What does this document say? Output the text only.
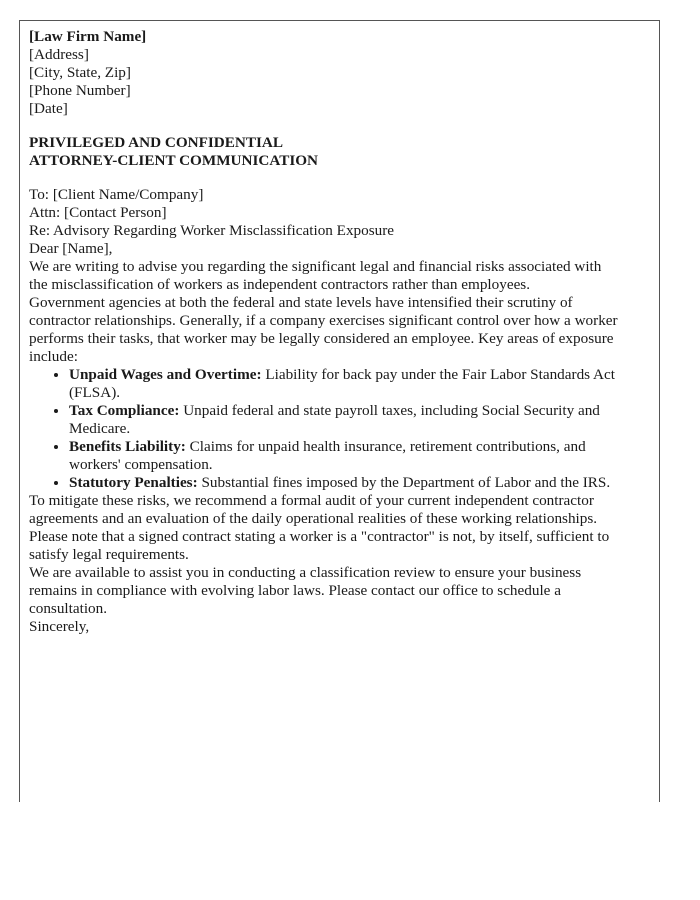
[Law Firm Name]
[Address]
[City, State, Zip]
[Phone Number]
[Date]
PRIVILEGED AND CONFIDENTIAL
ATTORNEY-CLIENT COMMUNICATION
To: [Client Name/Company]
Attn: [Contact Person]
Re: Advisory Regarding Worker Misclassification Exposure

Dear [Name],

We are writing to advise you regarding the significant legal and financial risks associated with the misclassification of workers as independent contractors rather than employees.

Government agencies at both the federal and state levels have intensified their scrutiny of contractor relationships. Generally, if a company exercises significant control over how a worker performs their tasks, that worker may be legally considered an employee. Key areas of exposure include:

• Unpaid Wages and Overtime: Liability for back pay under the Fair Labor Standards Act (FLSA).
• Tax Compliance: Unpaid federal and state payroll taxes, including Social Security and Medicare.
• Benefits Liability: Claims for unpaid health insurance, retirement contributions, and workers' compensation.
• Statutory Penalties: Substantial fines imposed by the Department of Labor and the IRS.

To mitigate these risks, we recommend a formal audit of your current independent contractor agreements and an evaluation of the daily operational realities of these working relationships. Please note that a signed contract stating a worker is a "contractor" is not, by itself, sufficient to satisfy legal requirements.

We are available to assist you in conducting a classification review to ensure your business remains in compliance with evolving labor laws. Please contact our office to schedule a consultation.

Sincerely,
